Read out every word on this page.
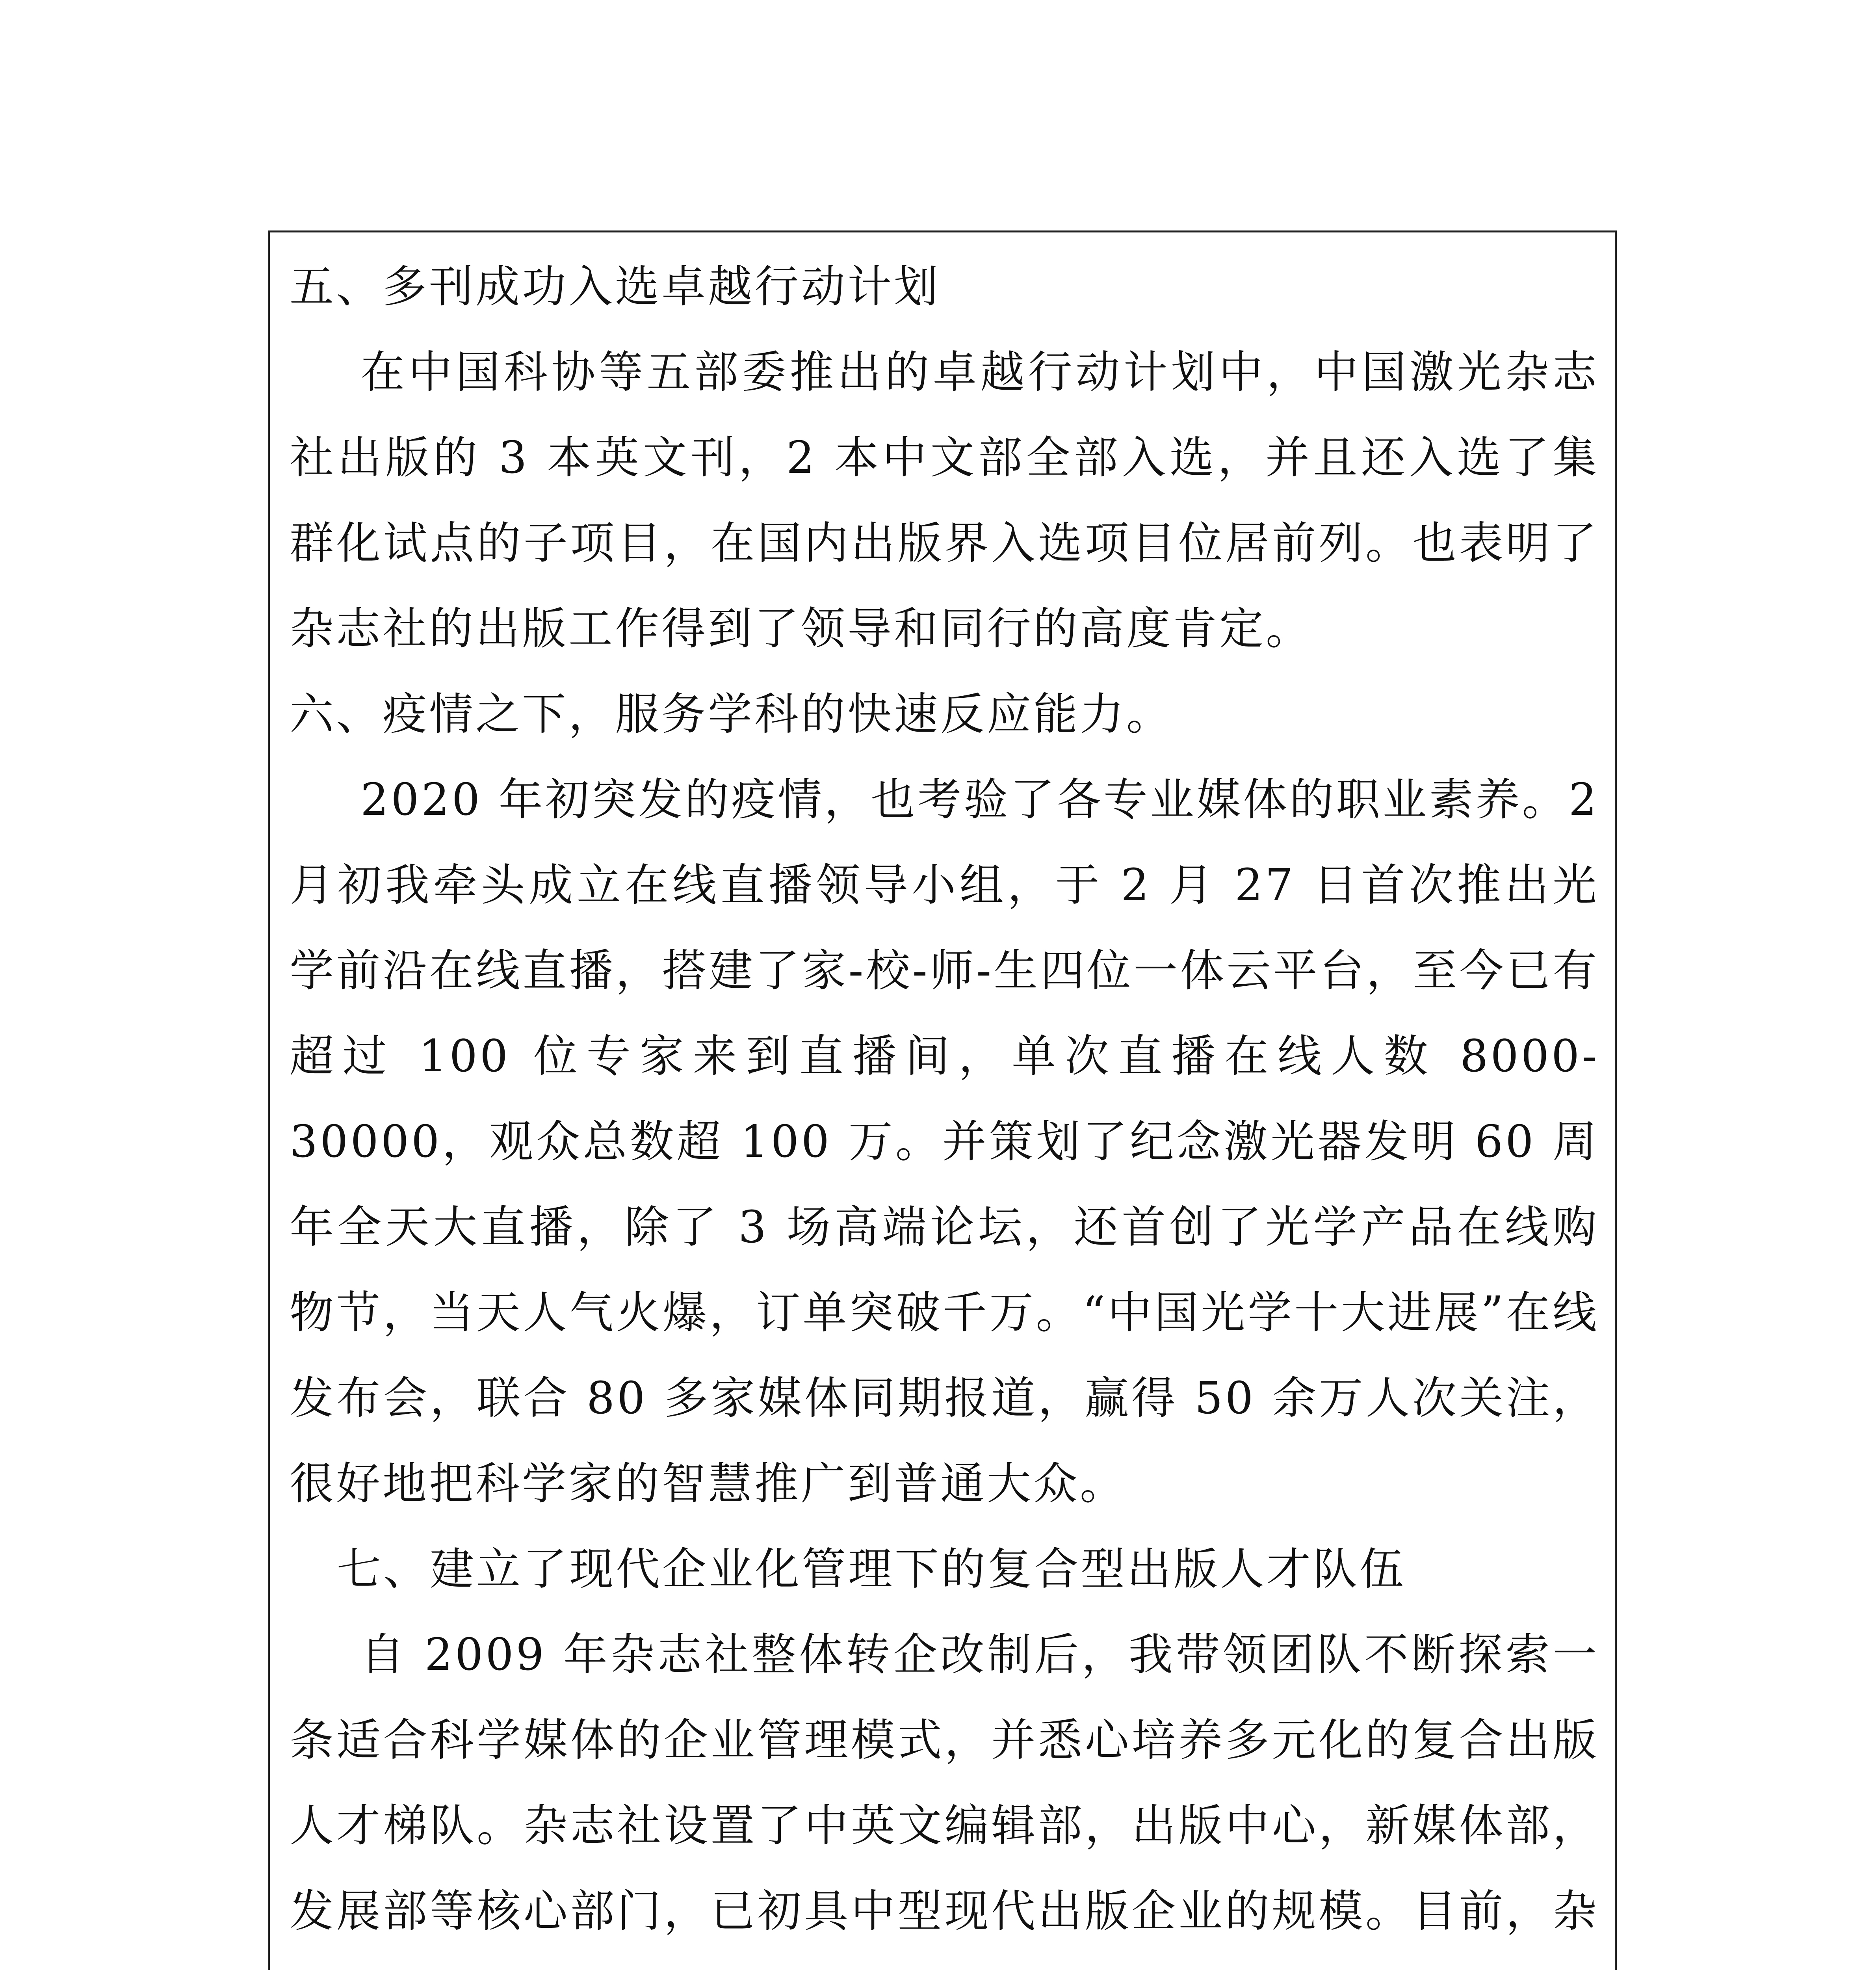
五、多刊成功入选卓越行动计划

在中国科协等五部委推出的卓越行动计划中，中国激光杂志社出版的 3 本英文刊，2 本中文部全部入选，并且还入选了集群化试点的子项目，在国内出版界入选项目位居前列。也表明了杂志社的出版工作得到了领导和同行的高度肯定。

六、疫情之下，服务学科的快速反应能力。

2020 年初突发的疫情，也考验了各专业媒体的职业素养。2 月初我牵头成立在线直播领导小组，于 2 月 27 日首次推出光学前沿在线直播，搭建了家-校-师-生四位一体云平台，至今已有超过 100 位专家来到直播间，单次直播在线人数 8000-30000，观众总数超 100 万。并策划了纪念激光器发明 60 周年全天大直播，除了 3 场高端论坛，还首创了光学产品在线购物节，当天人气火爆，订单突破千万。“中国光学十大进展”在线发布会，联合 80 多家媒体同期报道，赢得 50 余万人次关注，很好地把科学家的智慧推广到普通大众。

七、建立了现代企业化管理下的复合型出版人才队伍

自 2009 年杂志社整体转企改制后，我带领团队不断探索一条适合科学媒体的企业管理模式，并悉心培养多元化的复合出版人才梯队。杂志社设置了中英文编辑部，出版中心，新媒体部，发展部等核心部门，已初具中型现代出版企业的规模。目前，杂
